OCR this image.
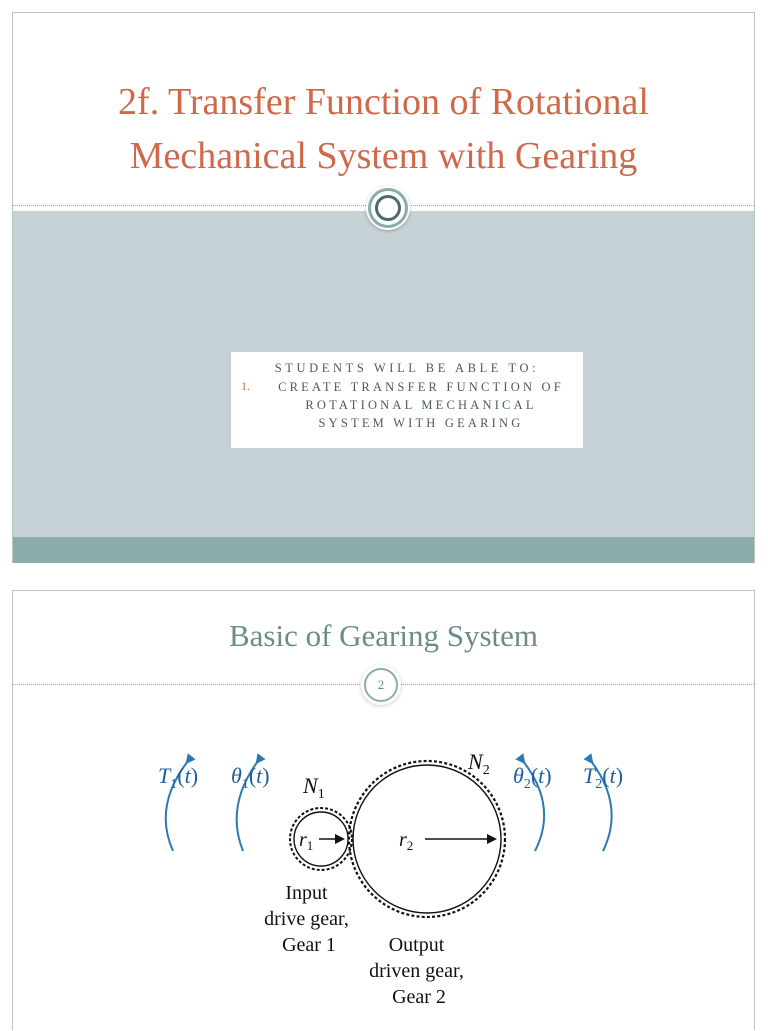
2f. Transfer Function of Rotational
Mechanical System with Gearing
STUDENTS WILL BE ABLE TO:
1.	CREATE TRANSFER FUNCTION OF ROTATIONAL MECHANICAL SYSTEM WITH GEARING
Basic of Gearing System
2
$T_1(t)$ $\theta_1(t)$	$\theta_2(t)$ $T_2(t)$
$N_1$
$N_2$
$r_1$	$r_2$
Input drive gear, Gear 1	Output driven gear, Gear 2
